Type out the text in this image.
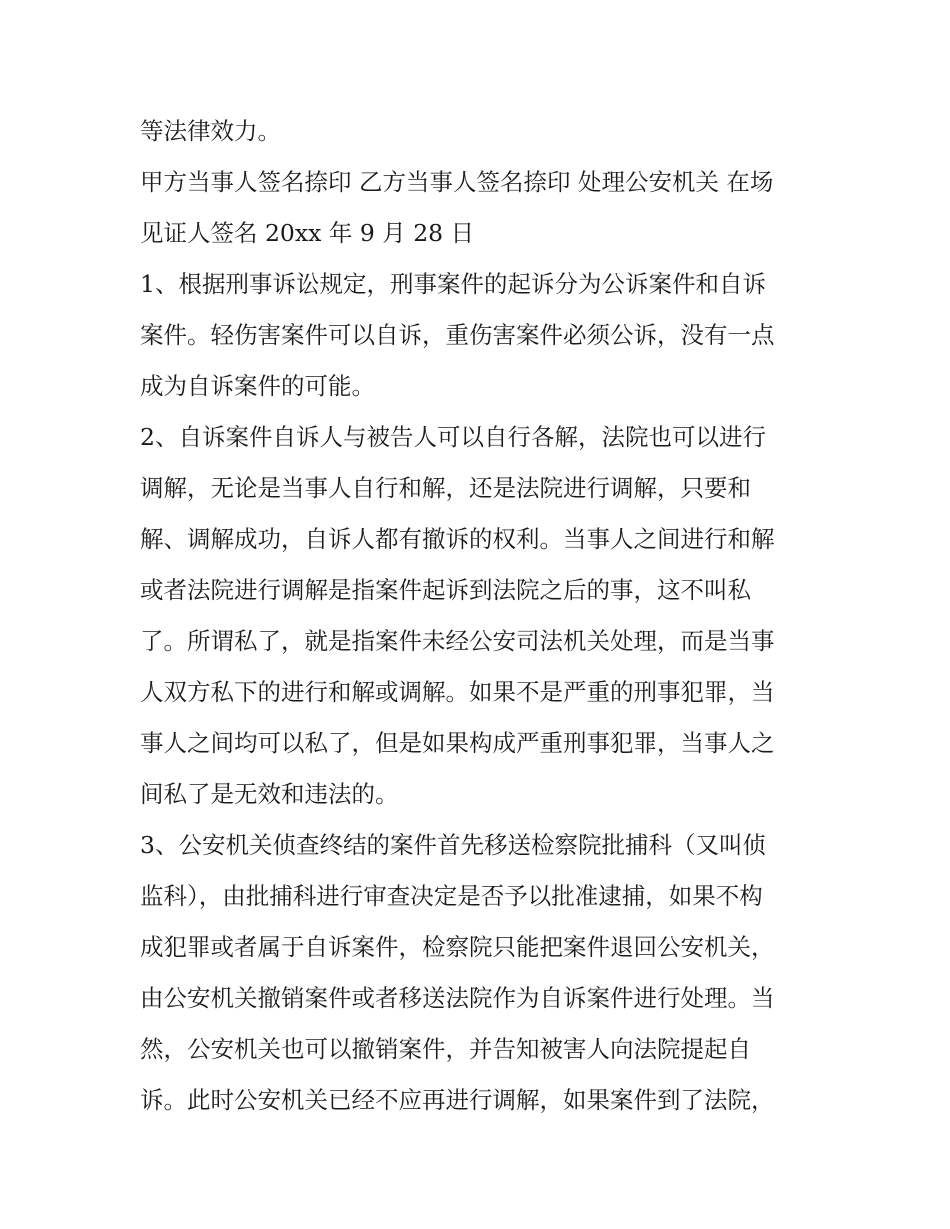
等法律效力。
甲方当事人签名捺印 乙方当事人签名捺印 处理公安机关 在场
见证人签名 20xx 年 9 月 28 日
1、根据刑事诉讼规定，刑事案件的起诉分为公诉案件和自诉
案件。轻伤害案件可以自诉，重伤害案件必须公诉，没有一点
成为自诉案件的可能。
2、自诉案件自诉人与被告人可以自行各解，法院也可以进行
调解，无论是当事人自行和解，还是法院进行调解，只要和
解、调解成功，自诉人都有撤诉的权利。当事人之间进行和解
或者法院进行调解是指案件起诉到法院之后的事，这不叫私
了。所谓私了，就是指案件未经公安司法机关处理，而是当事
人双方私下的进行和解或调解。如果不是严重的刑事犯罪，当
事人之间均可以私了，但是如果构成严重刑事犯罪，当事人之
间私了是无效和违法的。
3、公安机关侦查终结的案件首先移送检察院批捕科（又叫侦
监科），由批捕科进行审查决定是否予以批准逮捕，如果不构
成犯罪或者属于自诉案件，检察院只能把案件退回公安机关，
由公安机关撤销案件或者移送法院作为自诉案件进行处理。当
然，公安机关也可以撤销案件，并告知被害人向法院提起自
诉。此时公安机关已经不应再进行调解，如果案件到了法院，
